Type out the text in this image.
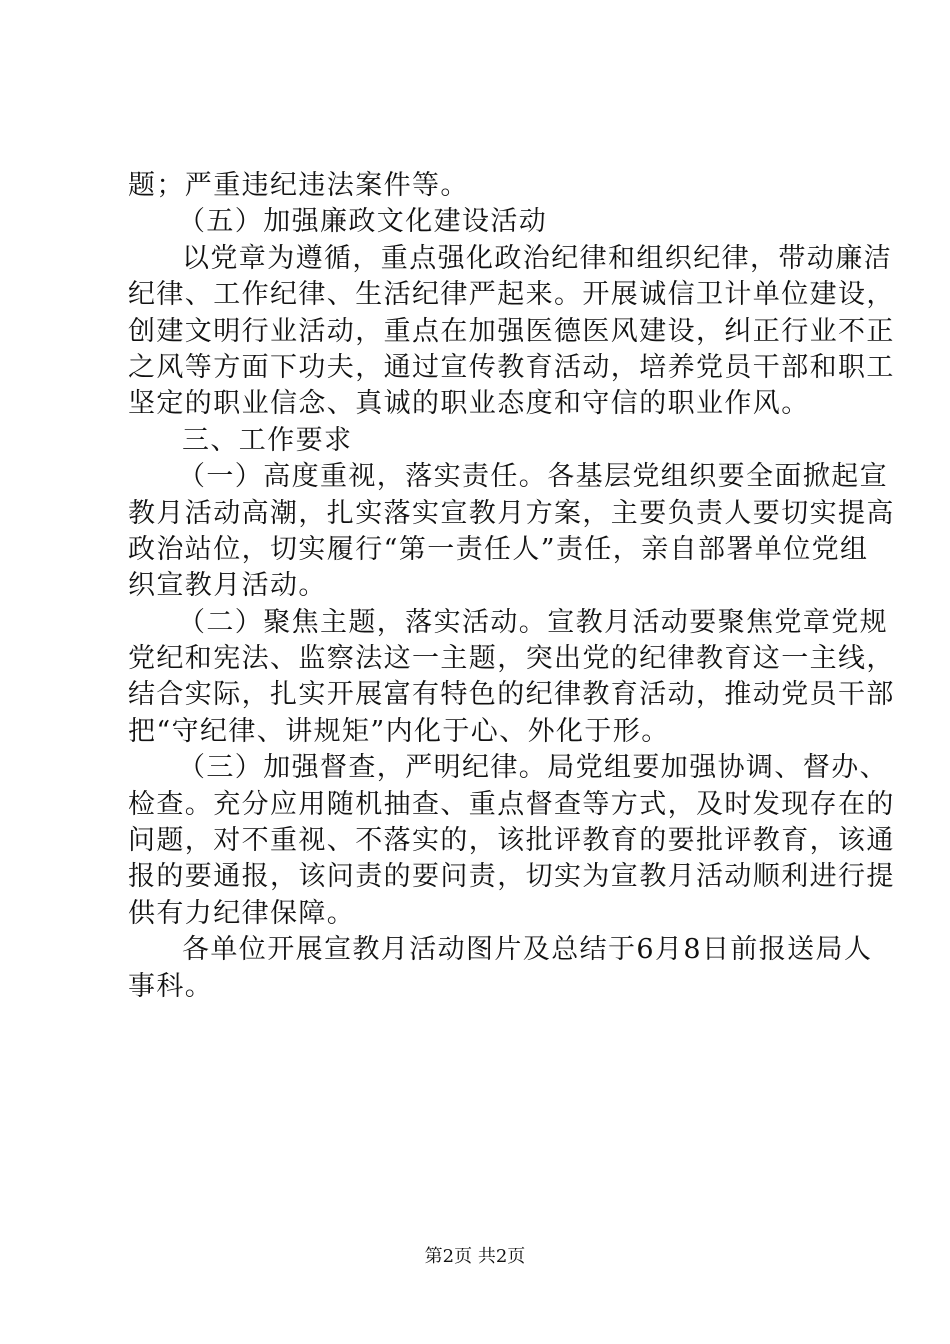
题；严重违纪违法案件等。
（五）加强廉政文化建设活动
以党章为遵循，重点强化政治纪律和组织纪律，带动廉洁
纪律、工作纪律、生活纪律严起来。开展诚信卫计单位建设，
创建文明行业活动，重点在加强医德医风建设，纠正行业不正
之风等方面下功夫，通过宣传教育活动，培养党员干部和职工
坚定的职业信念、真诚的职业态度和守信的职业作风。
三、工作要求
（一）高度重视，落实责任。各基层党组织要全面掀起宣
教月活动高潮，扎实落实宣教月方案，主要负责人要切实提高
政治站位，切实履行“第一责任人”责任，亲自部署单位党组
织宣教月活动。
（二）聚焦主题，落实活动。宣教月活动要聚焦党章党规
党纪和宪法、监察法这一主题，突出党的纪律教育这一主线，
结合实际，扎实开展富有特色的纪律教育活动，推动党员干部
把“守纪律、讲规矩”内化于心、外化于形。
（三）加强督查，严明纪律。局党组要加强协调、督办、
检查。充分应用随机抽查、重点督查等方式，及时发现存在的
问题，对不重视、不落实的，该批评教育的要批评教育，该通
报的要通报，该问责的要问责，切实为宣教月活动顺利进行提
供有力纪律保障。
各单位开展宣教月活动图片及总结于6月8日前报送局人
事科。
第2页 共2页
